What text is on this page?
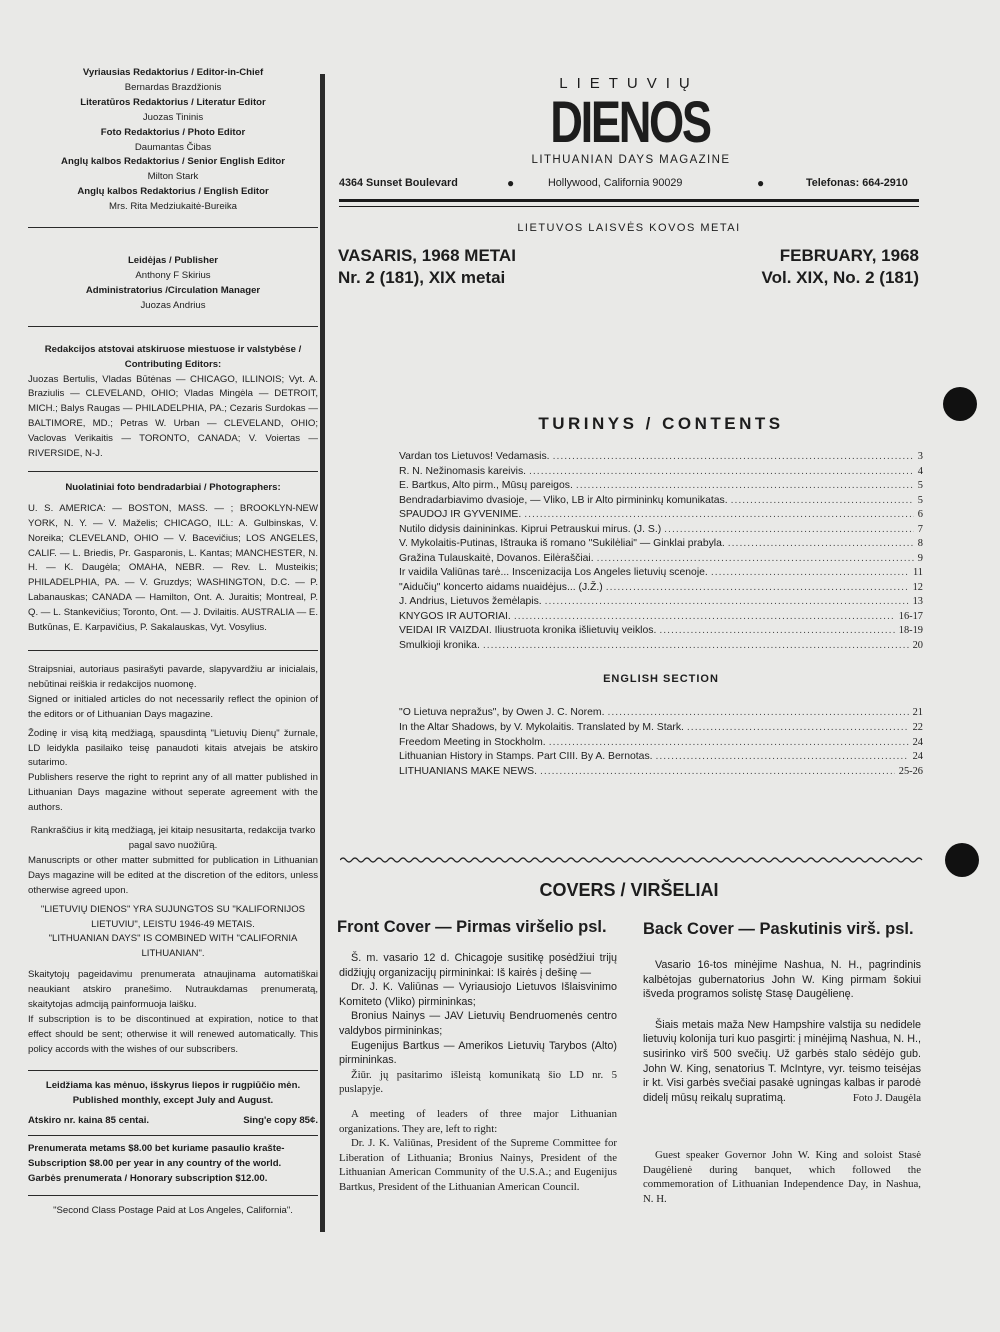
Vyriausias Redaktorius / Editor-in-Chief

Bernardas Brazdžionis

Literatūros Redaktorius / Literatur Editor

Juozas Tininis

Foto Redaktorius / Photo Editor

Daumantas Čibas

Anglų kalbos Redaktorius / Senior English Editor

Milton Stark

Anglų kalbos Redaktorius / English Editor

Mrs. Rita Medziukaitė-Bureika

Leidėjas / Publisher

Anthony F Skirius

Administratorius /Circulation Manager

Juozas Andrius

Redakcijos atstovai atskiruose miestuose ir valstybėse / Contributing Editors:

Juozas Bertulis, Vladas Būtėnas — CHICAGO, ILLINOIS; Vyt. A. Braziulis — CLEVELAND, OHIO; Vladas Mingėla — DETROIT, MICH.; Balys Raugas — PHILADELPHIA, PA.; Cezaris Surdokas — BALTIMORE, MD.; Petras W. Urban — CLEVELAND, OHIO; Vaclovas Verikaitis — TORONTO, CANADA; V. Voiertas — RIVERSIDE, N-J.

Nuolatiniai foto bendradarbiai / Photographers:

U. S. AMERICA: — BOSTON, MASS. — ; BROOKLYN-NEW YORK, N. Y. — V. Maželis; CHICAGO, ILL: A. Gulbinskas, V. Noreika; CLEVELAND, OHIO — V. Bacevičius; LOS ANGELES, CALIF. — L. Briedis, Pr. Gasparonis, L. Kantas; MANCHESTER, N. H. — K. Daugėla; OMAHA, NEBR. — Rev. L. Musteikis; PHILADELPHIA, PA. — V. Gruzdys; WASHINGTON, D.C. — P. Labanauskas; CANADA — Hamilton, Ont. A. Juraitis; Montreal, P. Q. — L. Stankevičius; Toronto, Ont. — J. Dvilaitis. AUSTRALIA — E. Butkūnas, E. Karpavičius, P. Sakalauskas, Vyt. Vosylius.

Straipsniai, autoriaus pasirašyti pavarde, slapyvardžiu ar inicialais, nebūtinai reiškia ir redakcijos nuomonę.

Signed or initialed articles do not necessarily reflect the opinion of the editors or of Lithuanian Days magazine.

Žodinę ir visą kitą medžiagą, spausdintą "Lietuvių Dienų" žurnale, LD leidykla pasilaiko teisę panaudoti kitais atvejais be atskiro sutarimo.

Publishers reserve the right to reprint any of all matter published in Lithuanian Days magazine without seperate agreement with the authors.

Rankraščius ir kitą medžiagą, jei kitaip nesusitarta, redakcija tvarko pagal savo nuožiūrą.

Manuscripts or other matter submitted for publication in Lithuanian Days magazine will be edited at the discretion of the editors, unless otherwise agreed upon.

"LIETUVIŲ DIENOS" YRA SUJUNGTOS SU "KALIFORNIJOS LIETUVIU", LEISTU 1946-49 METAIS.

"LITHUANIAN DAYS" IS COMBINED WITH "CALIFORNIA LITHUANIAN".

Skaitytojų pageidavimu prenumerata atnaujinama automatiškai neaukiant atskiro pranešimo. Nutraukdamas prenumeratą, skaitytojas admciją painformuoja laišku.

If subscription is to be discontinued at expiration, notice to that effect should be sent; otherwise it will renewed automatically. This policy accords with the wishes of our subscribers.

Leidžiama kas mėnuo, išskyrus liepos ir rugpiūčio mėn.

Published monthly, except July and August.

Atskiro nr. kaina 85 centai.	Sing'e copy 85¢.

Prenumerata metams $8.00 bet kuriame pasaulio krašte-

Subscription $8.00 per year in any country of the world.

Garbės prenumerata / Honorary subscription $12.00.

"Second Class Postage Paid at Los Angeles, California".

LIETUVIŲ
DIENOS
LITHUANIAN DAYS MAGAZINE
4364 Sunset Boulevard	●	Hollywood, California 90029	●	Telefonas: 664-2910
LIETUVOS LAISVĖS KOVOS METAI
VASARIS, 1968 METAI
Nr. 2 (181), XIX metai
FEBRUARY, 1968
Vol. XIX, No. 2 (181)
TURINYS / CONTENTS
Vardan tos Lietuvos! Vedamasis. .....	3
R. N. Nežinomasis kareivis. .....	4
E. Bartkus, Alto pirm., Mūsų pareigos. .....	5
Bendradarbiavimo dvasioje, — Vliko, LB ir Alto pirmininkų komunikatas. .....	5
SPAUDOJ IR GYVENIME. .....	6
Nutilo didysis dainininkas. Kiprui Petrauskui mirus. (J. S.) .....	7
V. Mykolaitis-Putinas, Ištrauka iš romano "Sukilėliai" — Ginklai prabyla. .....	8
Gražina Tulauskaitė, Dovanos. Eilėraščiai. .....	9
Ir vaidila Valiūnas tarė... Inscenizacija Los Angeles lietuvių scenoje. .....	11
"Aidučių" koncerto aidams nuaidėjus... (J.Ž.) .....	12
J. Andrius, Lietuvos žemėlapis. .....	13
KNYGOS IR AUTORIAI. .....	16-17
VEIDAI IR VAIZDAI. Iliustruota kronika išlietuvių veiklos. .....	18-19
Smulkioji kronika. .....	20
ENGLISH SECTION
"O Lietuva nepražus", by Owen J. C. Norem. .....	21
In the Altar Shadows, by V. Mykolaitis. Translated by M. Stark. .....	22
Freedom Meeting in Stockholm. .....	24
Lithuanian History in Stamps. Part CIII. By A. Bernotas. .....	24
LITHUANIANS MAKE NEWS. .....	25-26
COVERS / VIRŠELIAI
Front Cover — Pirmas viršelio psl.

Š. m. vasario 12 d. Chicagoje susitikę posėdžiui trijų didžiųjų organizacijų pirmininkai: Iš kairės į dešinę —

Dr. J. K. Valiūnas — Vyriausiojo Lietuvos Išlaisvinimo Komiteto (Vliko) pirmininkas;

Bronius Nainys — JAV Lietuvių Bendruomenės centro valdybos pirmininkas;

Eugenijus Bartkus — Amerikos Lietuvių Tarybos (Alto) pirmininkas.

Žiūr. jų pasitarimo išleistą komunikatą šio LD nr. 5 puslapyje.

A meeting of leaders of three major Lithuanian organizations. They are, left to right:

Dr. J. K. Valiūnas, President of the Supreme Committee for Liberation of Lithuania; Bronius Nainys, President of the Lithuanian American Community of the U.S.A.; and Eugenijus Bartkus, President of the Lithuanian American Council.

Back Cover — Paskutinis virš. psl.

Vasario 16-tos minėjime Nashua, N. H., pagrindinis kalbėtojas gubernatorius John W. King pirmam šokiui išveda programos solistę Stasę Daugėlienę.

Šiais metais maža New Hampshire valstija su nedidele lietuvių kolonija turi kuo pasgirti: į minėjimą Nashua, N. H., susirinko virš 500 svečių. Už garbės stalo sėdėjo gub. John W. King, senatorius T. McIntyre, vyr. teismo teisėjas ir kt. Visi garbės svečiai pasakė ugningas kalbas ir parodė didelį mūsų reikalų supratimą.	Foto J. Daugėla

Guest speaker Governor John W. King and soloist Stasė Daugėlienė during banquet, which followed the commemoration of Lithuanian Independence Day, in Nashua, N. H.
